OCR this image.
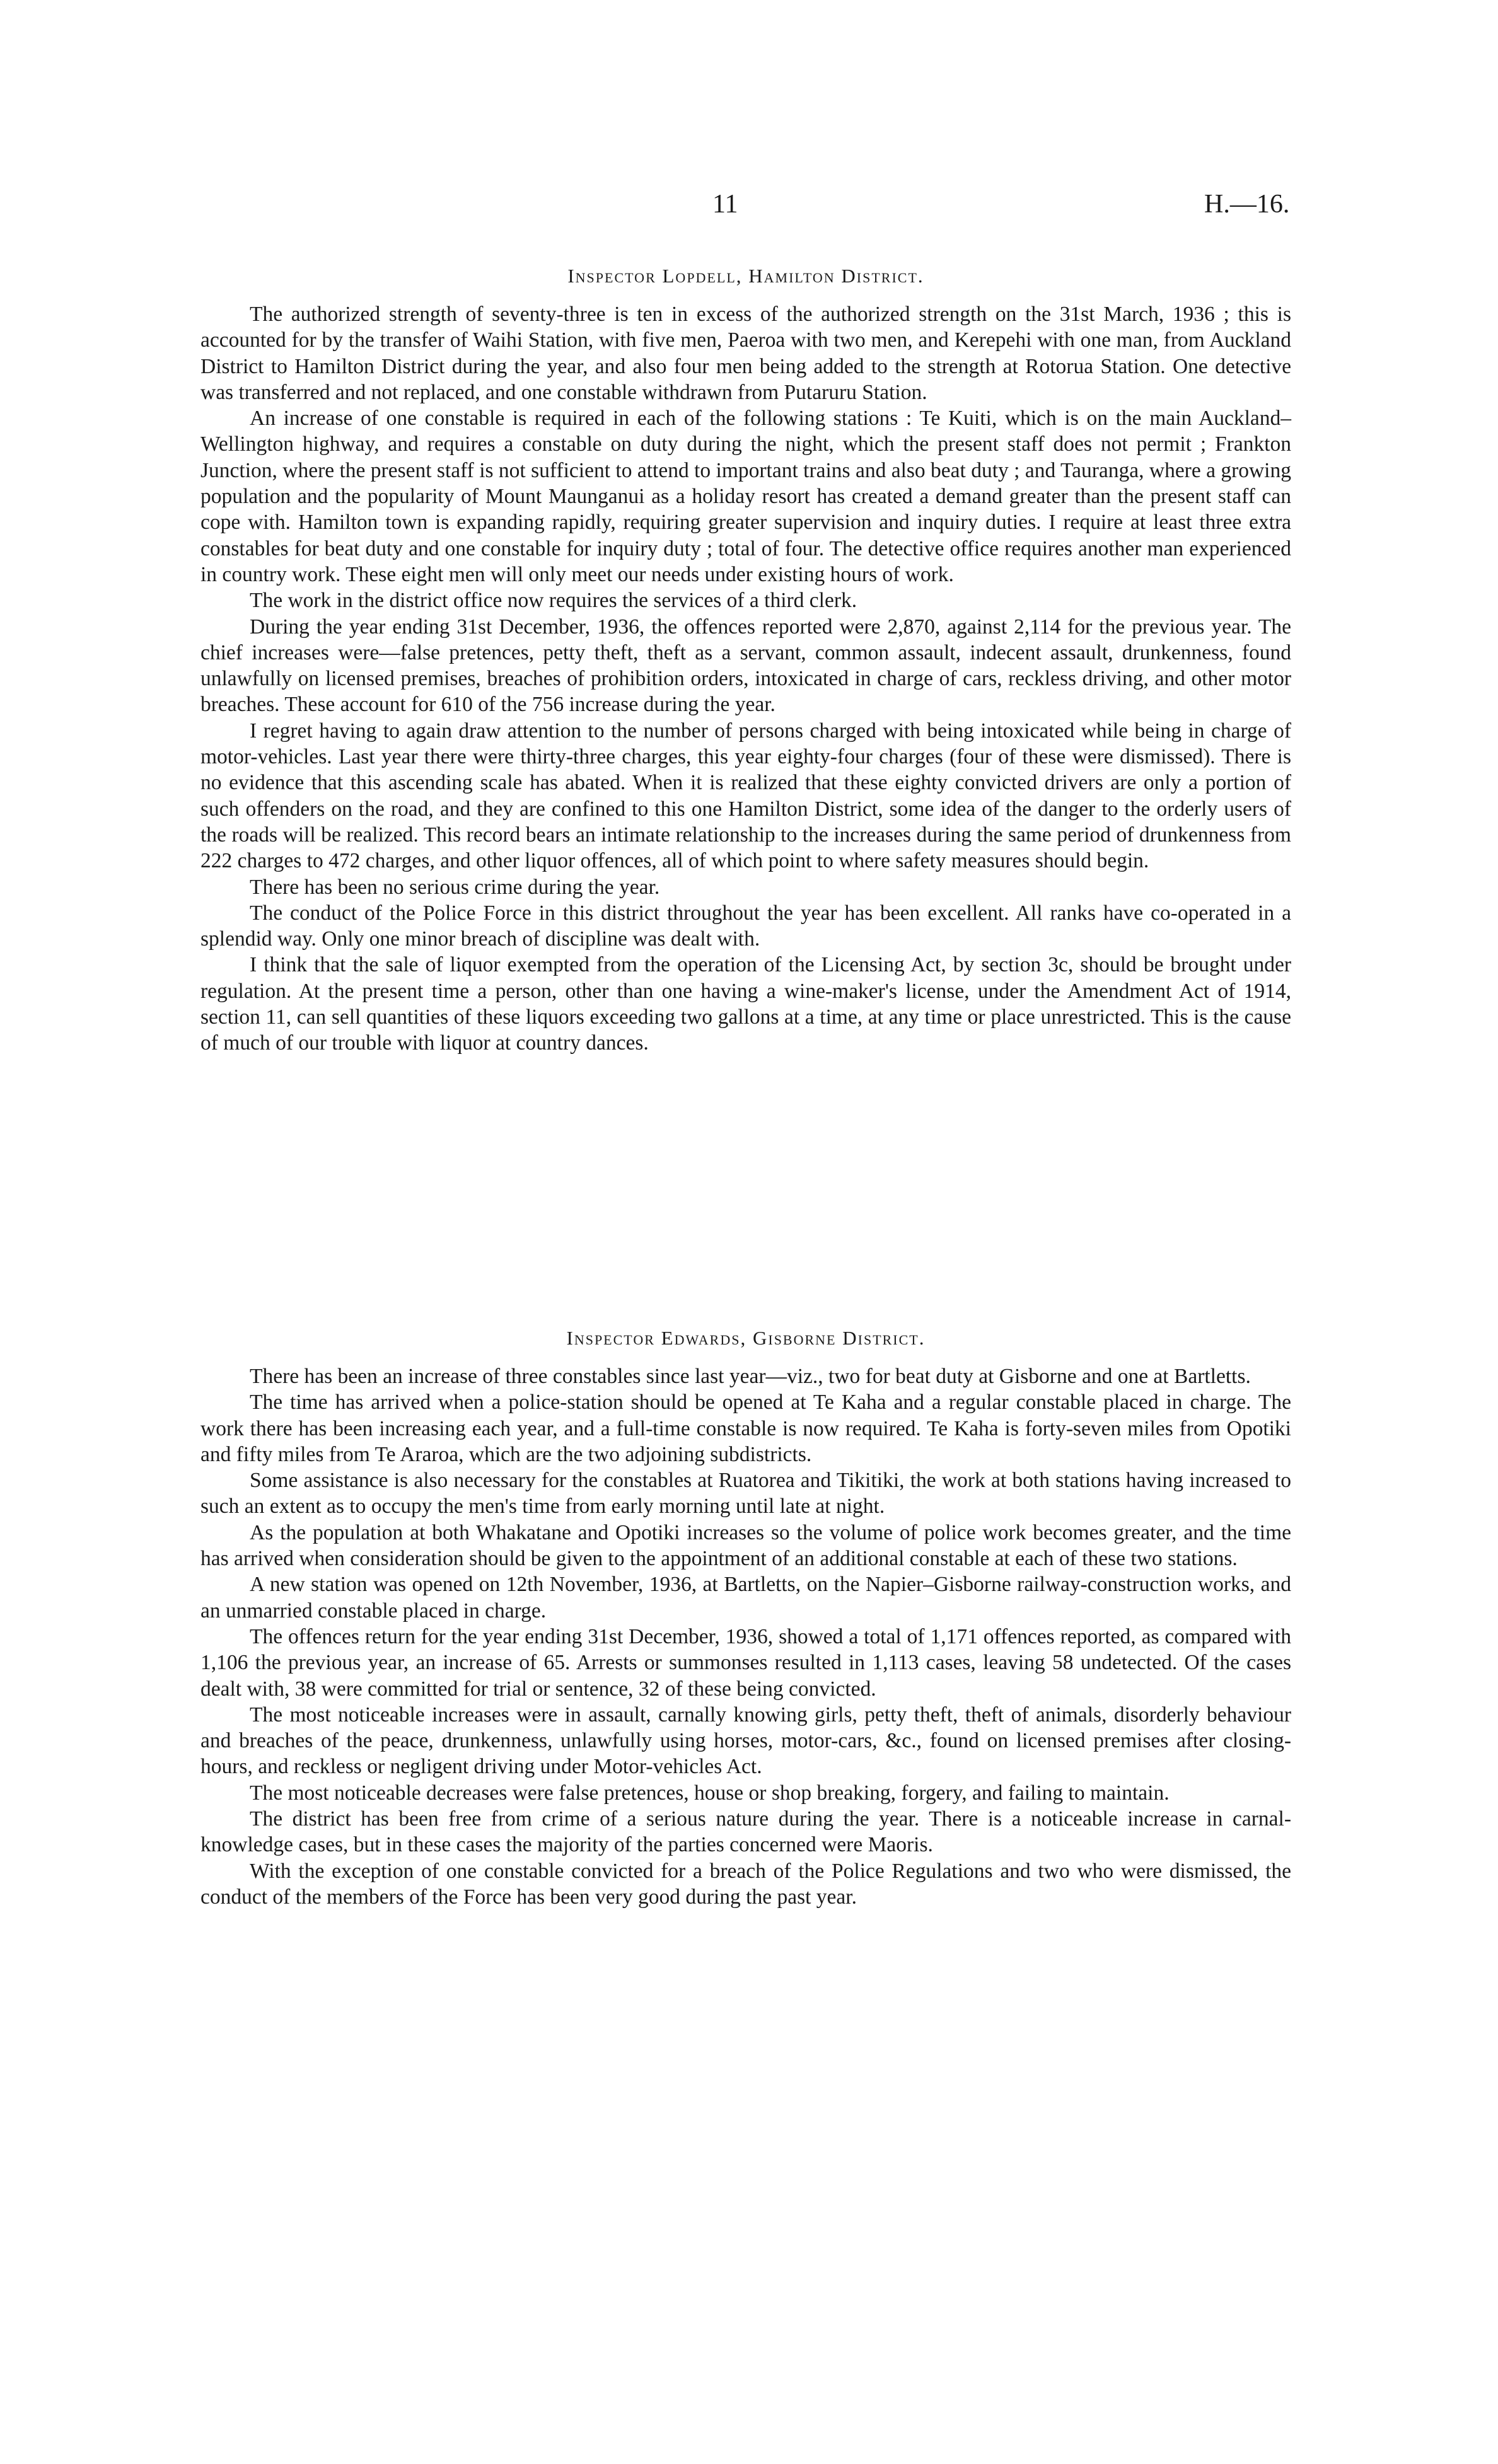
11	H.—16.
Inspector Lopdell, Hamilton District.

The authorized strength of seventy-three is ten in excess of the authorized strength on the 31st March, 1936 ; this is accounted for by the transfer of Waihi Station, with five men, Paeroa with two men, and Kerepehi with one man, from Auckland District to Hamilton District during the year, and also four men being added to the strength at Rotorua Station. One detective was transferred and not replaced, and one constable withdrawn from Putaruru Station.

An increase of one constable is required in each of the following stations : Te Kuiti, which is on the main Auckland–Wellington highway, and requires a constable on duty during the night, which the present staff does not permit ; Frankton Junction, where the present staff is not sufficient to attend to important trains and also beat duty ; and Tauranga, where a growing population and the popularity of Mount Maunganui as a holiday resort has created a demand greater than the present staff can cope with. Hamilton town is expanding rapidly, requiring greater supervision and inquiry duties. I require at least three extra constables for beat duty and one constable for inquiry duty ; total of four. The detective office requires another man experienced in country work. These eight men will only meet our needs under existing hours of work.

The work in the district office now requires the services of a third clerk.

During the year ending 31st December, 1936, the offences reported were 2,870, against 2,114 for the previous year. The chief increases were—false pretences, petty theft, theft as a servant, common assault, indecent assault, drunkenness, found unlawfully on licensed premises, breaches of prohibition orders, intoxicated in charge of cars, reckless driving, and other motor breaches. These account for 610 of the 756 increase during the year.

I regret having to again draw attention to the number of persons charged with being intoxicated while being in charge of motor-vehicles. Last year there were thirty-three charges, this year eighty-four charges (four of these were dismissed). There is no evidence that this ascending scale has abated. When it is realized that these eighty convicted drivers are only a portion of such offenders on the road, and they are confined to this one Hamilton District, some idea of the danger to the orderly users of the roads will be realized. This record bears an intimate relationship to the increases during the same period of drunkenness from 222 charges to 472 charges, and other liquor offences, all of which point to where safety measures should begin.

There has been no serious crime during the year.

The conduct of the Police Force in this district throughout the year has been excellent. All ranks have co-operated in a splendid way. Only one minor breach of discipline was dealt with.

I think that the sale of liquor exempted from the operation of the Licensing Act, by section 3c, should be brought under regulation. At the present time a person, other than one having a wine-maker's license, under the Amendment Act of 1914, section 11, can sell quantities of these liquors exceeding two gallons at a time, at any time or place unrestricted. This is the cause of much of our trouble with liquor at country dances.

Inspector Edwards, Gisborne District.

There has been an increase of three constables since last year—viz., two for beat duty at Gisborne and one at Bartletts.

The time has arrived when a police-station should be opened at Te Kaha and a regular constable placed in charge. The work there has been increasing each year, and a full-time constable is now required. Te Kaha is forty-seven miles from Opotiki and fifty miles from Te Araroa, which are the two adjoining subdistricts.

Some assistance is also necessary for the constables at Ruatorea and Tikitiki, the work at both stations having increased to such an extent as to occupy the men's time from early morning until late at night.

As the population at both Whakatane and Opotiki increases so the volume of police work becomes greater, and the time has arrived when consideration should be given to the appointment of an additional constable at each of these two stations.

A new station was opened on 12th November, 1936, at Bartletts, on the Napier–Gisborne railway-construction works, and an unmarried constable placed in charge.

The offences return for the year ending 31st December, 1936, showed a total of 1,171 offences reported, as compared with 1,106 the previous year, an increase of 65. Arrests or summonses resulted in 1,113 cases, leaving 58 undetected. Of the cases dealt with, 38 were committed for trial or sentence, 32 of these being convicted.

The most noticeable increases were in assault, carnally knowing girls, petty theft, theft of animals, disorderly behaviour and breaches of the peace, drunkenness, unlawfully using horses, motor-cars, &c., found on licensed premises after closing-hours, and reckless or negligent driving under Motor-vehicles Act.

The most noticeable decreases were false pretences, house or shop breaking, forgery, and failing to maintain.

The district has been free from crime of a serious nature during the year. There is a noticeable increase in carnal-knowledge cases, but in these cases the majority of the parties concerned were Maoris.

With the exception of one constable convicted for a breach of the Police Regulations and two who were dismissed, the conduct of the members of the Force has been very good during the past year.
